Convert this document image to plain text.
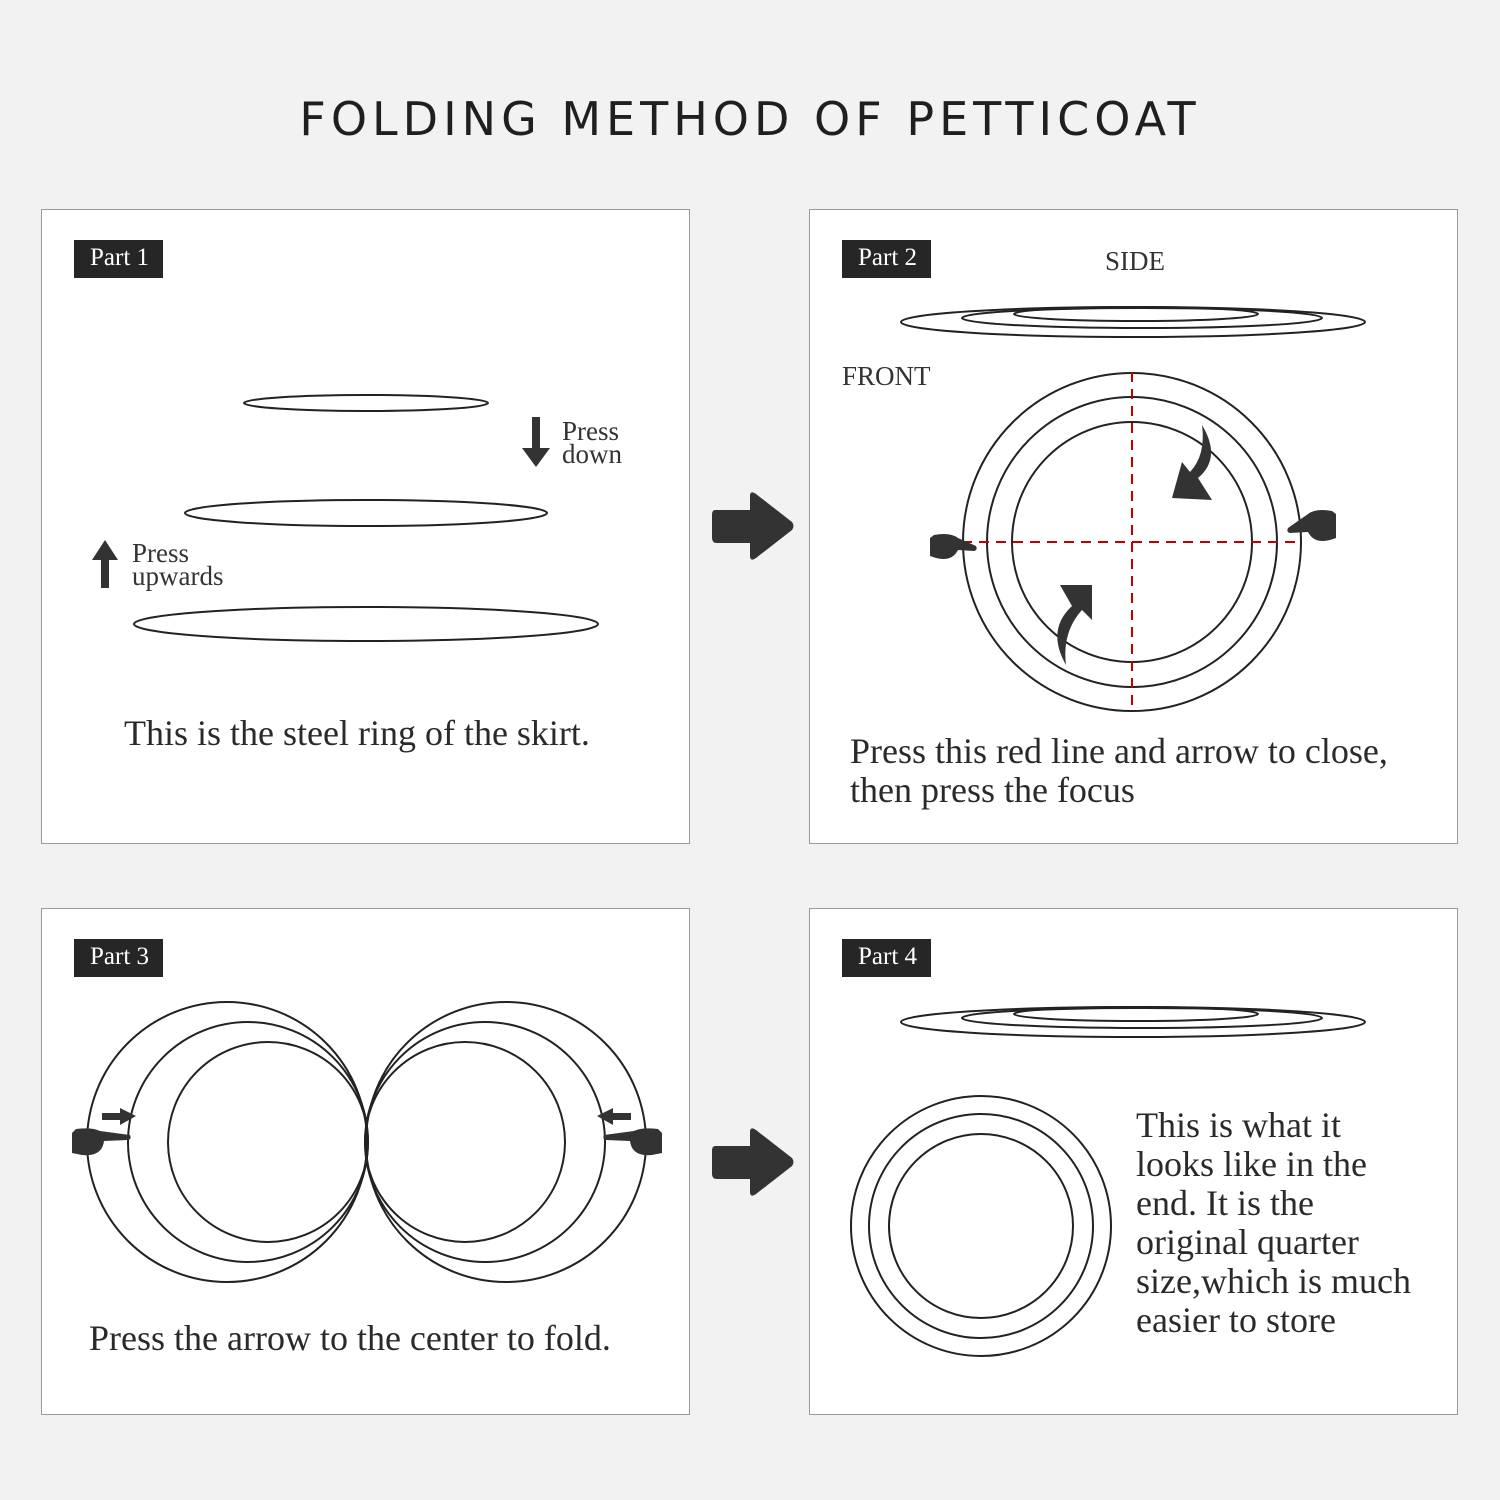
FOLDING METHOD OF PETTICOAT
Part 1
Press down
Press upwards
This is the steel ring of the skirt.
Part 2	SIDE
FRONT
Press this red line and arrow to close,
then press the focus
Part 3
Press the arrow to the center to fold.
Part 4
This is what it
looks like in the
end. It is the
original quarter
size,which is much
easier to store
